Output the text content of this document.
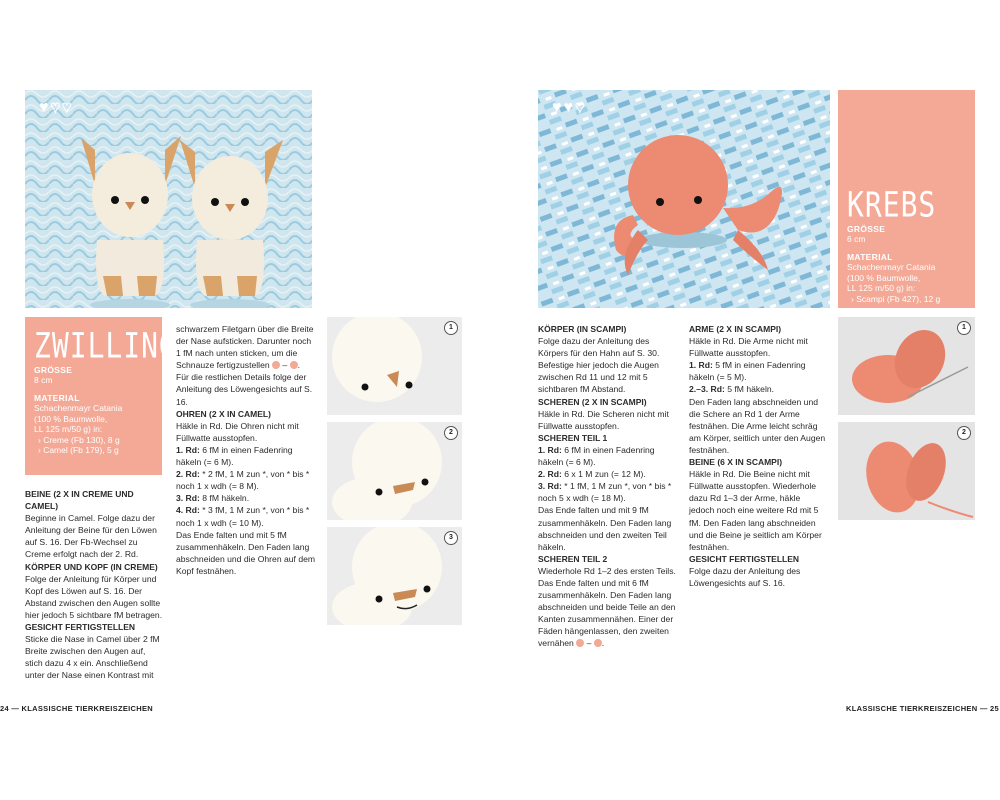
♥ ♥ ♥
ZWILLING
GRÖSSE
8 cm
MATERIAL
Schachenmayr Catania
(100 % Baumwolle,
LL 125 m/50 g) in:
› Creme (Fb 130), 8 g
› Camel (Fb 179), 5 g

BEINE (2 X IN CREME UND CAMEL)

Beginne in Camel. Folge dazu der Anleitung der Beine für den Löwen auf S. 16. Der Fb-Wechsel zu Creme erfolgt nach der 2. Rd.

KÖRPER UND KOPF (IN CREME)

Folge der Anleitung für Körper und Kopf des Löwen auf S. 16. Der Abstand zwischen den Augen sollte hier jedoch 5 sichtbare fM betragen.

GESICHT FERTIGSTELLEN

Sticke die Nase in Camel über 2 fM Breite zwischen den Augen auf, stich dazu 4 x ein. Anschließend unter der Nase einen Kontrast mit

schwarzem Filetgarn über die Breite der Nase aufsticken. Darunter noch 1 fM nach unten sticken, um die Schnauze fertigzustellen – .

Für die restlichen Details folge der Anleitung des Löwengesichts auf S. 16.

OHREN (2 X IN CAMEL)

Häkle in Rd. Die Ohren nicht mit Füllwatte ausstopfen.

1. Rd: 6 fM in einen Fadenring häkeln (= 6 M).

2. Rd: * 2 fM, 1 M zun *, von * bis * noch 1 x wdh (= 8 M).

3. Rd: 8 fM häkeln.

4. Rd: * 3 fM, 1 M zun *, von * bis * noch 1 x wdh (= 10 M).

Das Ende falten und mit 5 fM zusammenhäkeln. Den Faden lang abschneiden und die Ohren auf dem Kopf festnähen.

1
2
3
24 — KLASSISCHE TIERKREISZEICHEN
♥ ♥ ♥
KREBS
GRÖSSE
6 cm
MATERIAL
Schachenmayr Catania
(100 % Baumwolle,
LL 125 m/50 g) in:
› Scampi (Fb 427), 12 g

KÖRPER (IN SCAMPI)

Folge dazu der Anleitung des Körpers für den Hahn auf S. 30. Befestige hier jedoch die Augen zwischen Rd 11 und 12 mit 5 sichtbaren fM Abstand.

SCHEREN (2 X IN SCAMPI)

Häkle in Rd. Die Scheren nicht mit Füllwatte ausstopfen.

SCHEREN TEIL 1

1. Rd: 6 fM in einen Fadenring häkeln (= 6 M).

2. Rd: 6 x 1 M zun (= 12 M).

3. Rd: * 1 fM, 1 M zun *, von * bis * noch 5 x wdh (= 18 M).

Das Ende falten und mit 9 fM zusammenhäkeln. Den Faden lang abschneiden und den zweiten Teil häkeln.

SCHEREN TEIL 2

Wiederhole Rd 1–2 des ersten Teils. Das Ende falten und mit 6 fM zusammenhäkeln. Den Faden lang abschneiden und beide Teile an den Kanten zusammennähen. Einer der Fäden hängenlassen, den zweiten vernähen – .

ARME (2 X IN SCAMPI)

Häkle in Rd. Die Arme nicht mit Füllwatte ausstopfen.

1. Rd: 5 fM in einen Fadenring häkeln (= 5 M).

2.–3. Rd: 5 fM häkeln.

Den Faden lang abschneiden und die Schere an Rd 1 der Arme festnähen. Die Arme leicht schräg am Körper, seitlich unter den Augen festnähen.

BEINE (6 X IN SCAMPI)

Häkle in Rd. Die Beine nicht mit Füllwatte ausstopfen. Wiederhole dazu Rd 1–3 der Arme, häkle jedoch noch eine weitere Rd mit 5 fM. Den Faden lang abschneiden und die Beine je seitlich am Körper festnähen.

GESICHT FERTIGSTELLEN

Folge dazu der Anleitung des Löwengesichts auf S. 16.

1
2
KLASSISCHE TIERKREISZEICHEN — 25
